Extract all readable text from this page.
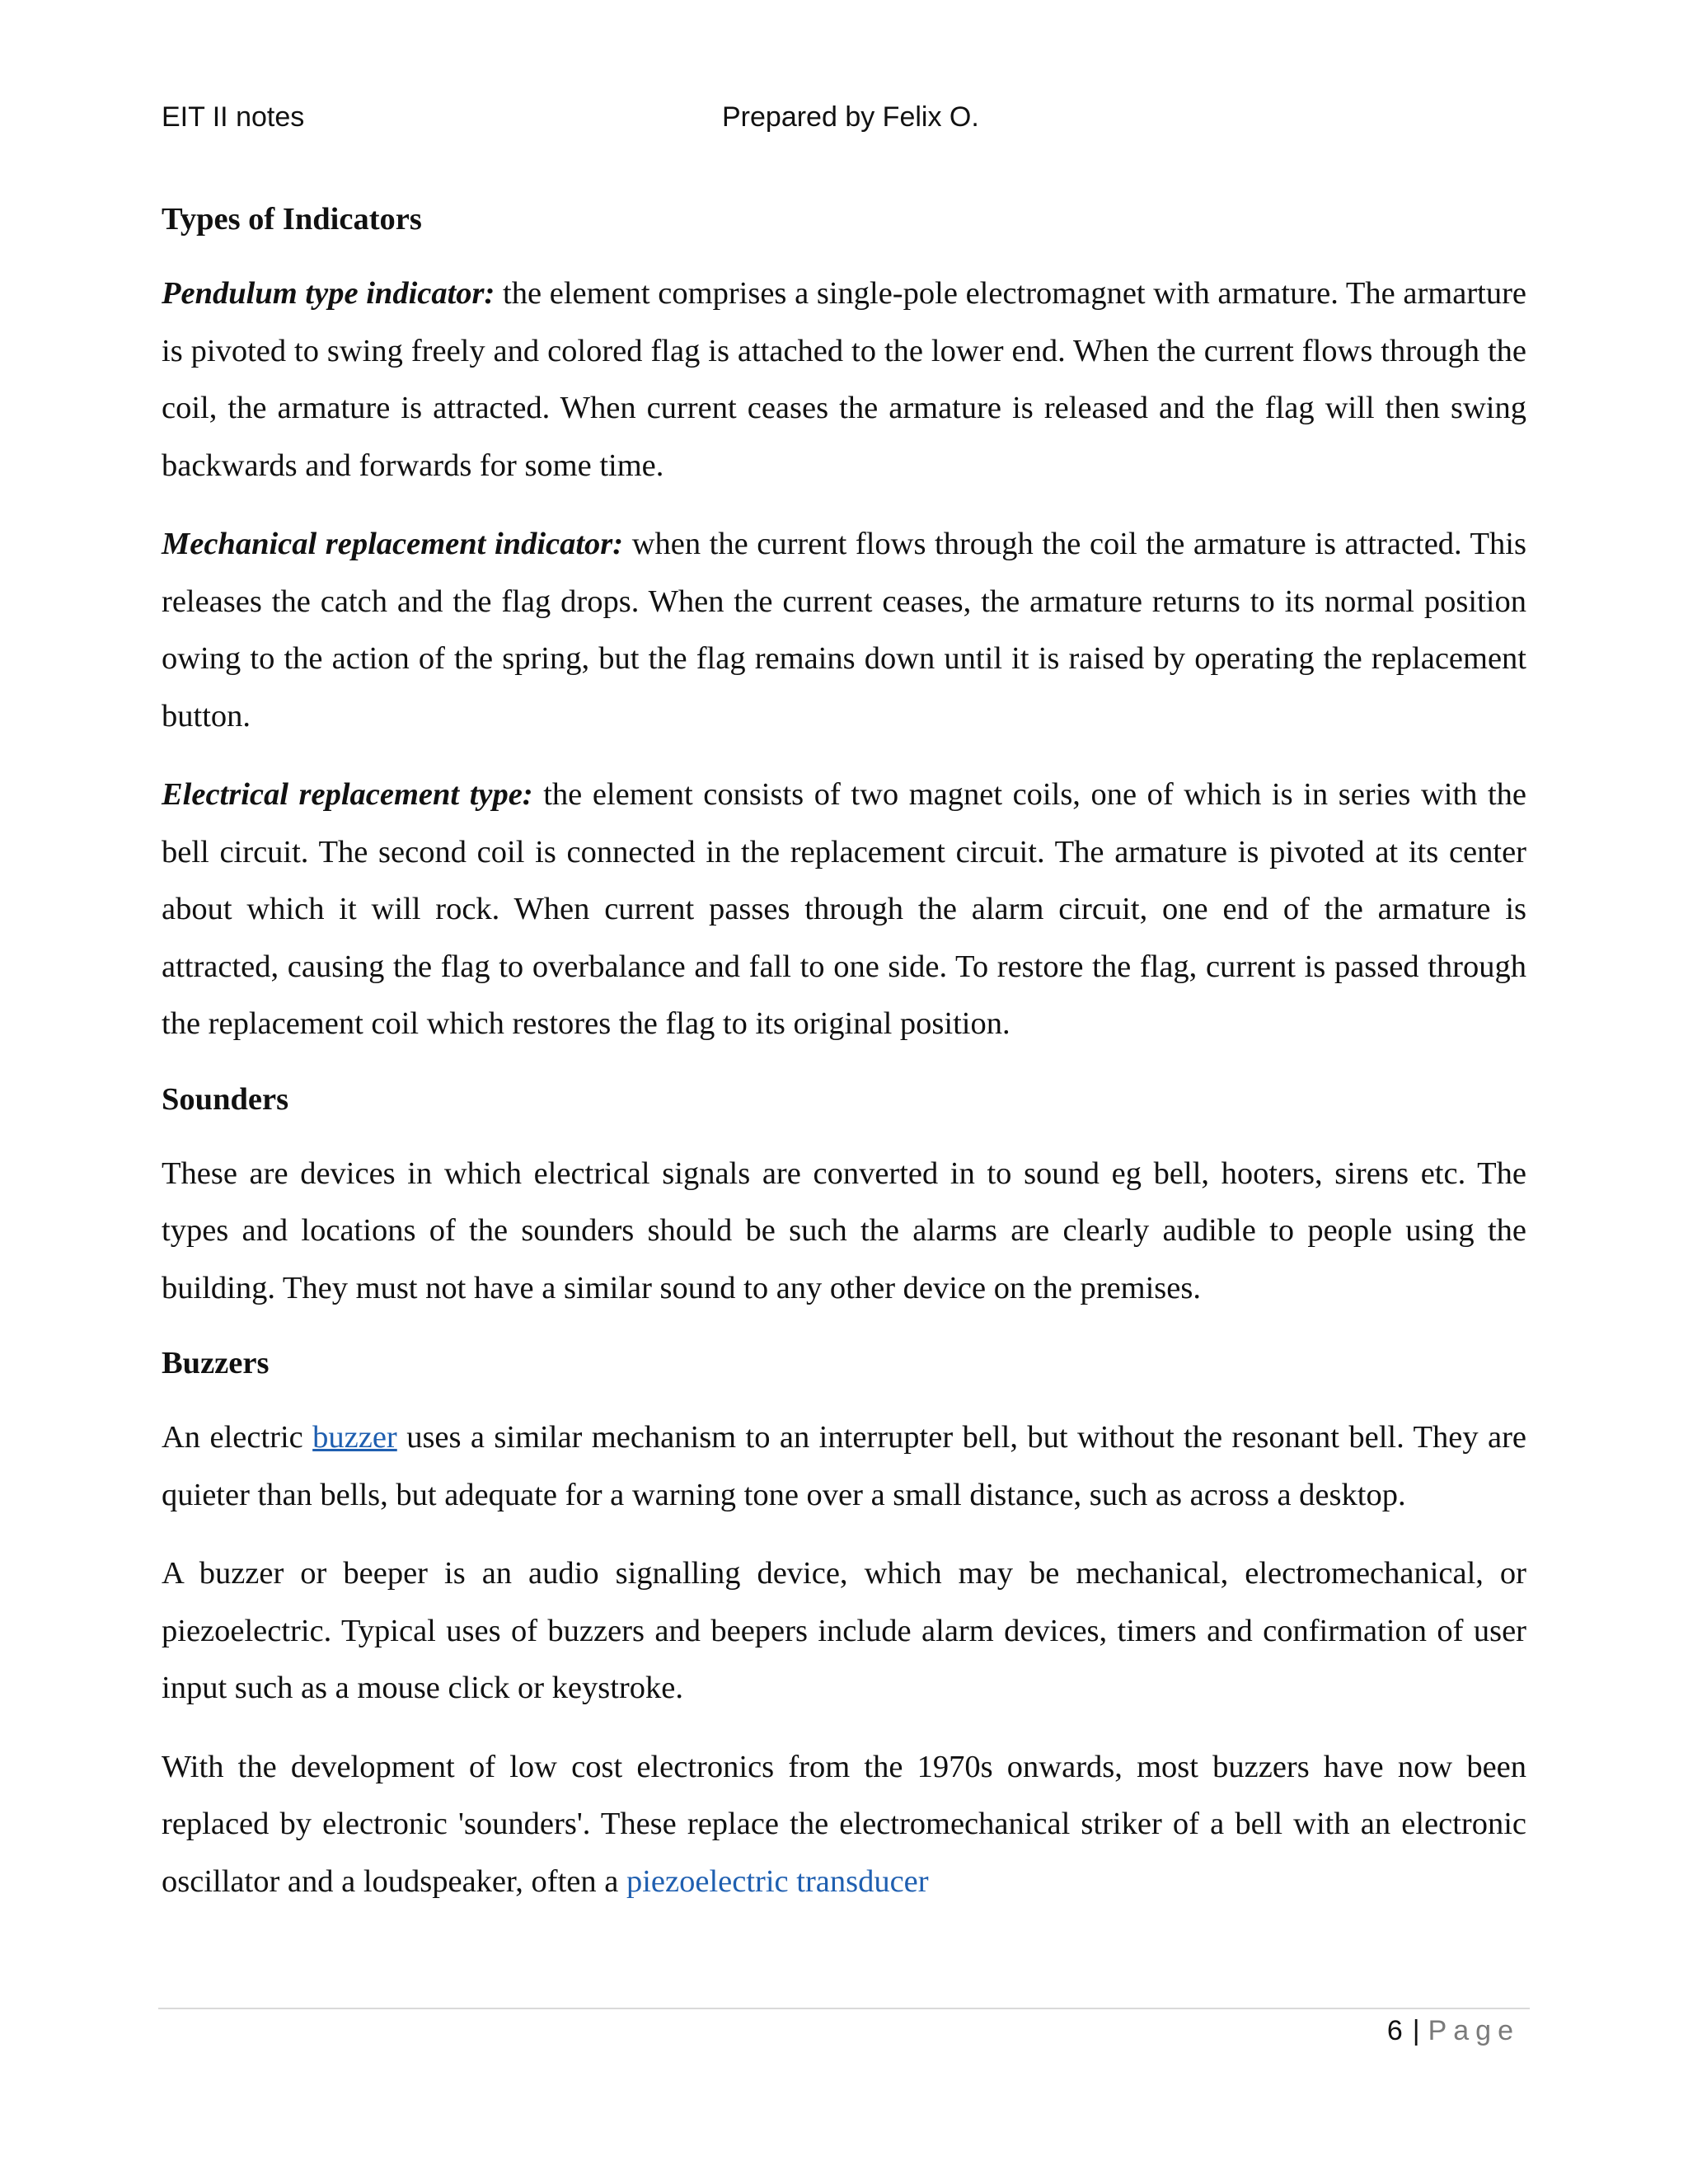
EIT II notes	Prepared by Felix O.
Types of Indicators

Pendulum type indicator: the element comprises a single-pole electromagnet with armature. The armarture is pivoted to swing freely and colored flag is attached to the lower end. When the current flows through the coil, the armature is attracted. When current ceases the armature is released and the flag will then swing backwards and forwards for some time.

Mechanical replacement indicator: when the current flows through the coil the armature is attracted. This releases the catch and the flag drops. When the current ceases, the armature returns to its normal position owing to the action of the spring, but the flag remains down until it is raised by operating the replacement button.

Electrical replacement type: the element consists of two magnet coils, one of which is in series with the bell circuit. The second coil is connected in the replacement circuit. The armature is pivoted at its center about which it will rock. When current passes through the alarm circuit, one end of the armature is attracted, causing the flag to overbalance and fall to one side. To restore the flag, current is passed through the replacement coil which restores the flag to its original position.

Sounders

These are devices in which electrical signals are converted in to sound eg bell, hooters, sirens etc. The types and locations of the sounders should be such the alarms are clearly audible to people using the building. They must not have a similar sound to any other device on the premises.

Buzzers

An electric buzzer uses a similar mechanism to an interrupter bell, but without the resonant bell. They are quieter than bells, but adequate for a warning tone over a small distance, such as across a desktop.

A buzzer or beeper is an audio signalling device, which may be mechanical, electromechanical, or piezoelectric. Typical uses of buzzers and beepers include alarm devices, timers and confirmation of user input such as a mouse click or keystroke.

With the development of low cost electronics from the 1970s onwards, most buzzers have now been replaced by electronic 'sounders'. These replace the electromechanical striker of a bell with an electronic oscillator and a loudspeaker, often a piezoelectric transducer

6 | Page
